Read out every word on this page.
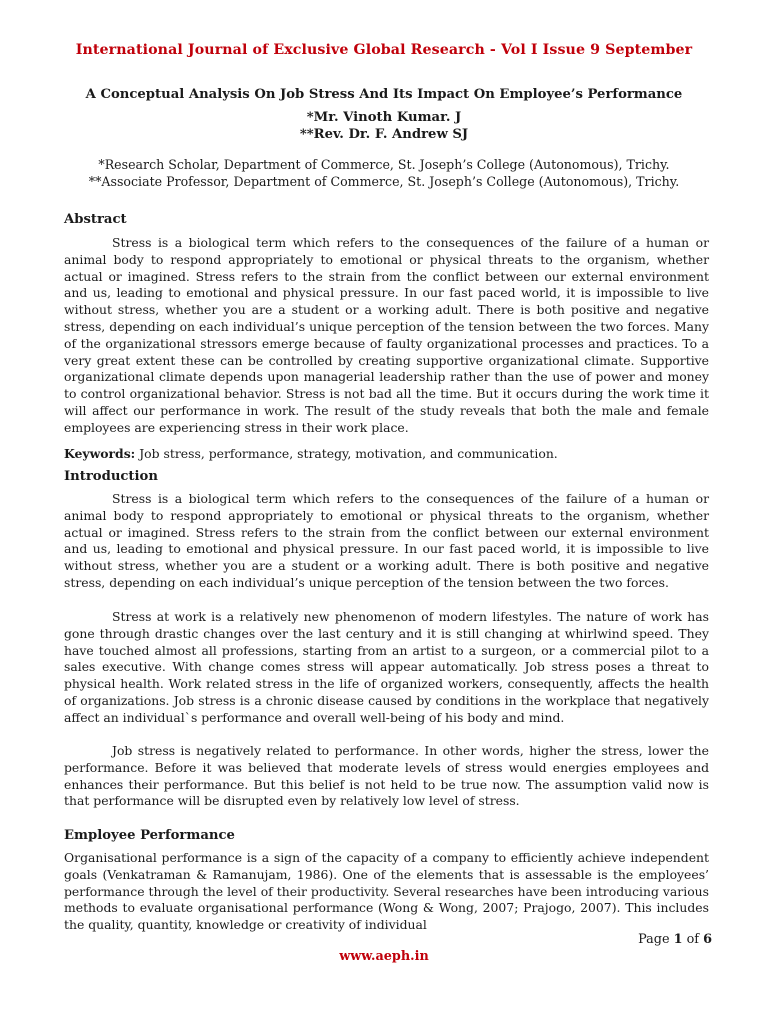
International Journal of Exclusive Global Research - Vol I Issue 9 September
A Conceptual Analysis On Job Stress And Its Impact On Employee’s Performance
*Mr. Vinoth Kumar. J
**Rev. Dr. F. Andrew SJ
*Research Scholar, Department of Commerce, St. Joseph’s College (Autonomous), Trichy.
**Associate Professor, Department of Commerce, St. Joseph’s College (Autonomous), Trichy.
Abstract
Stress is a biological term which refers to the consequences of the failure of a human or animal body to respond appropriately to emotional or physical threats to the organism, whether actual or imagined. Stress refers to the strain from the conflict between our external environment and us, leading to emotional and physical pressure. In our fast paced world, it is impossible to live without stress, whether you are a student or a working adult. There is both positive and negative stress, depending on each individual’s unique perception of the tension between the two forces. Many of the organizational stressors emerge because of faulty organizational processes and practices. To a very great extent these can be controlled by creating supportive organizational climate. Supportive organizational climate depends upon managerial leadership rather than the use of power and money to control organizational behavior. Stress is not bad all the time. But it occurs during the work time it will affect our performance in work. The result of the study reveals that both the male and female employees are experiencing stress in their work place.
Keywords: Job stress, performance, strategy, motivation, and communication.
Introduction
Stress is a biological term which refers to the consequences of the failure of a human or animal body to respond appropriately to emotional or physical threats to the organism, whether actual or imagined. Stress refers to the strain from the conflict between our external environment and us, leading to emotional and physical pressure. In our fast paced world, it is impossible to live without stress, whether you are a student or a working adult. There is both positive and negative stress, depending on each individual’s unique perception of the tension between the two forces.
Stress at work is a relatively new phenomenon of modern lifestyles. The nature of work has gone through drastic changes over the last century and it is still changing at whirlwind speed. They have touched almost all professions, starting from an artist to a surgeon, or a commercial pilot to a sales executive. With change comes stress will appear automatically. Job stress poses a threat to physical health. Work related stress in the life of organized workers, consequently, affects the health of organizations. Job stress is a chronic disease caused by conditions in the workplace that negatively affect an individual`s performance and overall well-being of his body and mind.
Job stress is negatively related to performance. In other words, higher the stress, lower the performance. Before it was believed that moderate levels of stress would energies employees and enhances their performance. But this belief is not held to be true now. The assumption valid now is that performance will be disrupted even by relatively low level of stress.
Employee Performance
Organisational performance is a sign of the capacity of a company to efficiently achieve independent goals (Venkatraman & Ramanujam, 1986). One of the elements that is assessable is the employees’ performance through the level of their productivity. Several researches have been introducing various methods to evaluate organisational performance (Wong & Wong, 2007; Prajogo, 2007). This includes the quality, quantity, knowledge or creativity of individual
Page 1 of 6
www.aeph.in
